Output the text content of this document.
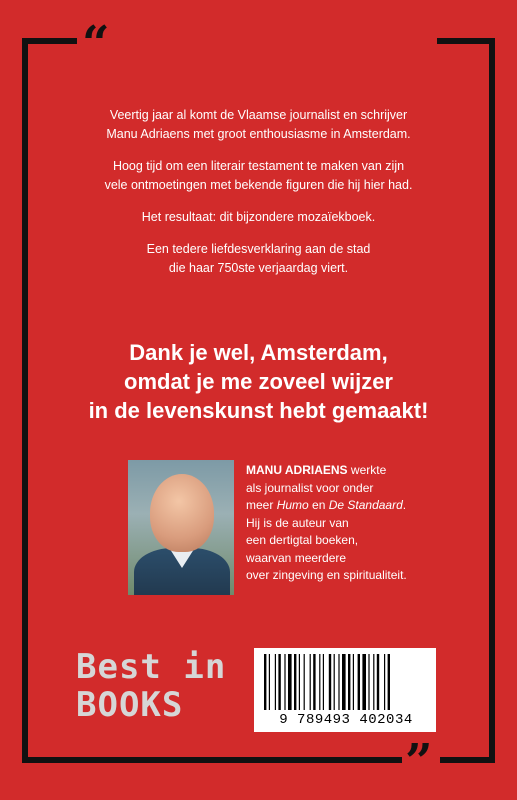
“
”

Veertig jaar al komt de Vlaamse journalist en schrijver
Manu Adriaens met groot enthousiasme in Amsterdam.

Hoog tijd om een literair testament te maken van zijn
vele ontmoetingen met bekende figuren die hij hier had.

Het resultaat: dit bijzondere mozaïekboek.

Een tedere liefdesverklaring aan de stad
die haar 750ste verjaardag viert.

Dank je wel, Amsterdam,
omdat je me zoveel wijzer
in de levenskunst hebt gemaakt!
MANU ADRIAENS werkte
als journalist voor onder
meer Humo en De Standaard.
Hij is de auteur van
een dertigtal boeken,
waarvan meerdere
over zingeving en spiritualiteit.
Best in
BOOKS	9 789493 402034
